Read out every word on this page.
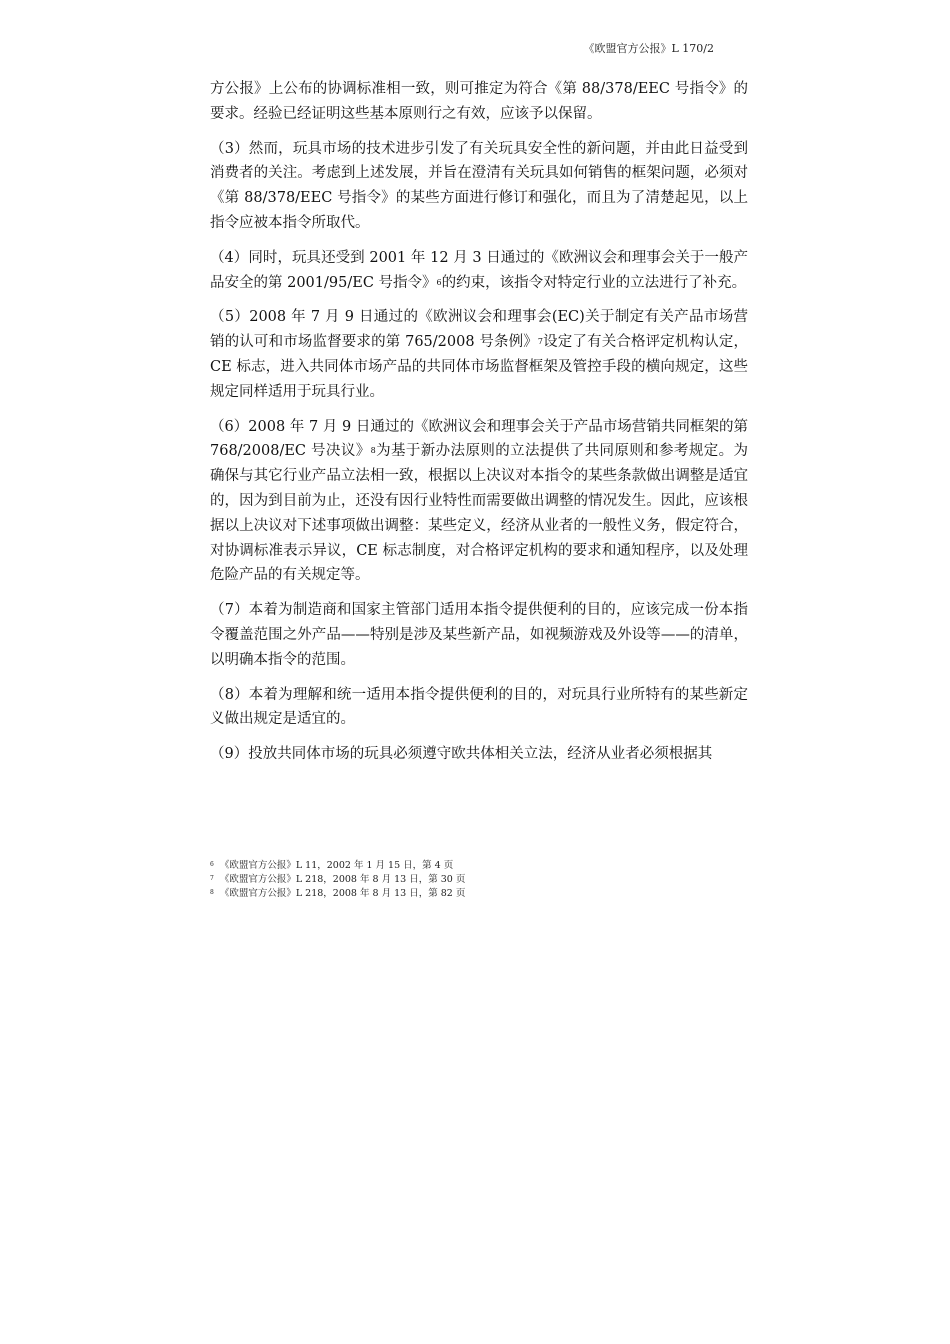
《欧盟官方公报》L 170/2

方公报》上公布的协调标准相一致，则可推定为符合《第 88/378/EEC 号指令》的要求。经验已经证明这些基本原则行之有效，应该予以保留。

（3）然而，玩具市场的技术进步引发了有关玩具安全性的新问题，并由此日益受到消费者的关注。考虑到上述发展，并旨在澄清有关玩具如何销售的框架问题，必须对《第 88/378/EEC 号指令》的某些方面进行修订和强化，而且为了清楚起见，以上指令应被本指令所取代。

（4）同时，玩具还受到 2001 年 12 月 3 日通过的《欧洲议会和理事会关于一般产品安全的第 2001/95/EC 号指令》$^6$的约束，该指令对特定行业的立法进行了补充。

（5）2008 年 7 月 9 日通过的《欧洲议会和理事会(EC)关于制定有关产品市场营销的认可和市场监督要求的第 765/2008 号条例》$^7$设定了有关合格评定机构认定，CE 标志，进入共同体市场产品的共同体市场监督框架及管控手段的横向规定，这些规定同样适用于玩具行业。

（6）2008 年 7 月 9 日通过的《欧洲议会和理事会关于产品市场营销共同框架的第 768/2008/EC 号决议》$^8$为基于新办法原则的立法提供了共同原则和参考规定。为确保与其它行业产品立法相一致，根据以上决议对本指令的某些条款做出调整是适宜的，因为到目前为止，还没有因行业特性而需要做出调整的情况发生。因此，应该根据以上决议对下述事项做出调整：某些定义，经济从业者的一般性义务，假定符合，对协调标准表示异议，CE 标志制度，对合格评定机构的要求和通知程序，以及处理危险产品的有关规定等。

（7）本着为制造商和国家主管部门适用本指令提供便利的目的，应该完成一份本指令覆盖范围之外产品——特别是涉及某些新产品，如视频游戏及外设等——的清单，以明确本指令的范围。

（8）本着为理解和统一适用本指令提供便利的目的，对玩具行业所特有的某些新定义做出规定是适宜的。

（9）投放共同体市场的玩具必须遵守欧共体相关立法，经济从业者必须根据其

$^6$ 《欧盟官方公报》L 11，2002 年 1 月 15 日，第 4 页
$^7$ 《欧盟官方公报》L 218，2008 年 8 月 13 日，第 30 页
$^8$ 《欧盟官方公报》L 218，2008 年 8 月 13 日，第 82 页
